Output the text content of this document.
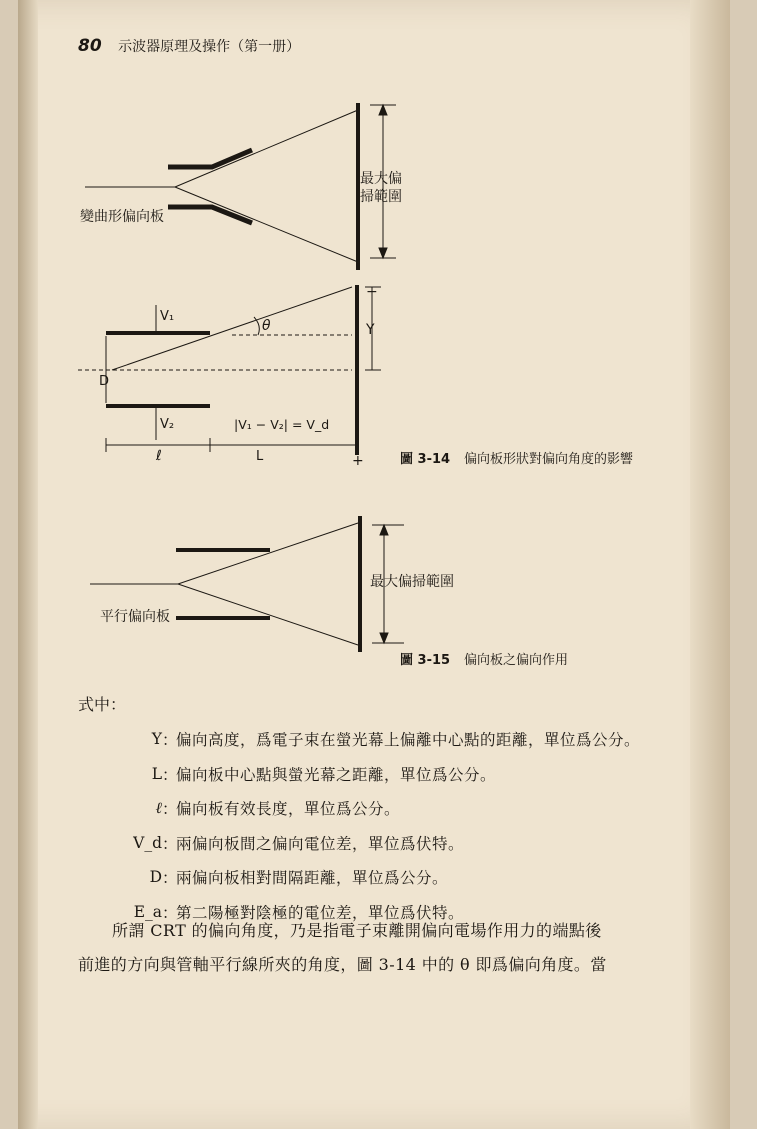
80 示波器原理及操作（第一册）
變曲形偏向板
最大偏
掃範圍
V₁
V₂
θ	Y
D
ℓ	L	+
−
|V₁ − V₂| = V_d
圖 3-14 偏向板形狀對偏向角度的影響
平行偏向板
最大偏掃範圍
圖 3-15 偏向板之偏向作用
式中：
Y ：
偏向高度，爲電子束在螢光幕上偏離中心點的距離，單位爲公分。
L ：
偏向板中心點與螢光幕之距離，單位爲公分。
ℓ ：
偏向板有效長度，單位爲公分。
V_d ：
兩偏向板間之偏向電位差，單位爲伏特。
D ：
兩偏向板相對間隔距離，單位爲公分。
E_a ：
第二陽極對陰極的電位差，單位爲伏特。

所謂 CRT 的偏向角度，乃是指電子束離開偏向電場作用力的端點後

前進的方向與管軸平行線所夾的角度，圖 3-14 中的 θ 即爲偏向角度。當
